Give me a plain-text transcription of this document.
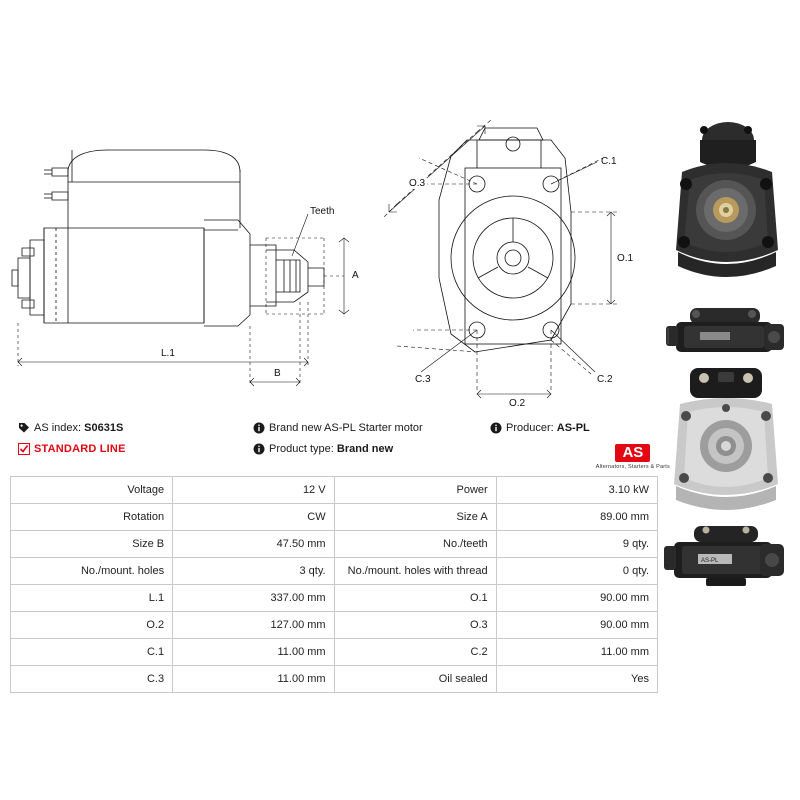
Teeth
A
L.1
B
O.3
C.1
O.1
C.3	C.2
O.2
AS-PL
AS index: S0631S
STANDARD LINE
Brand new AS-PL Starter motor
Product type: Brand new
Producer: AS-PL
AS
Alternators, Starters & Parts
Voltage	12 V	Power	3.10 kW
Rotation	CW	Size A	89.00 mm
Size B	47.50 mm	No./teeth	9 qty.
No./mount. holes	3 qty.	No./mount. holes with thread	0 qty.
L.1	337.00 mm	O.1	90.00 mm
O.2	127.00 mm	O.3	90.00 mm
C.1	11.00 mm	C.2	11.00 mm
C.3	11.00 mm	Oil sealed	Yes
